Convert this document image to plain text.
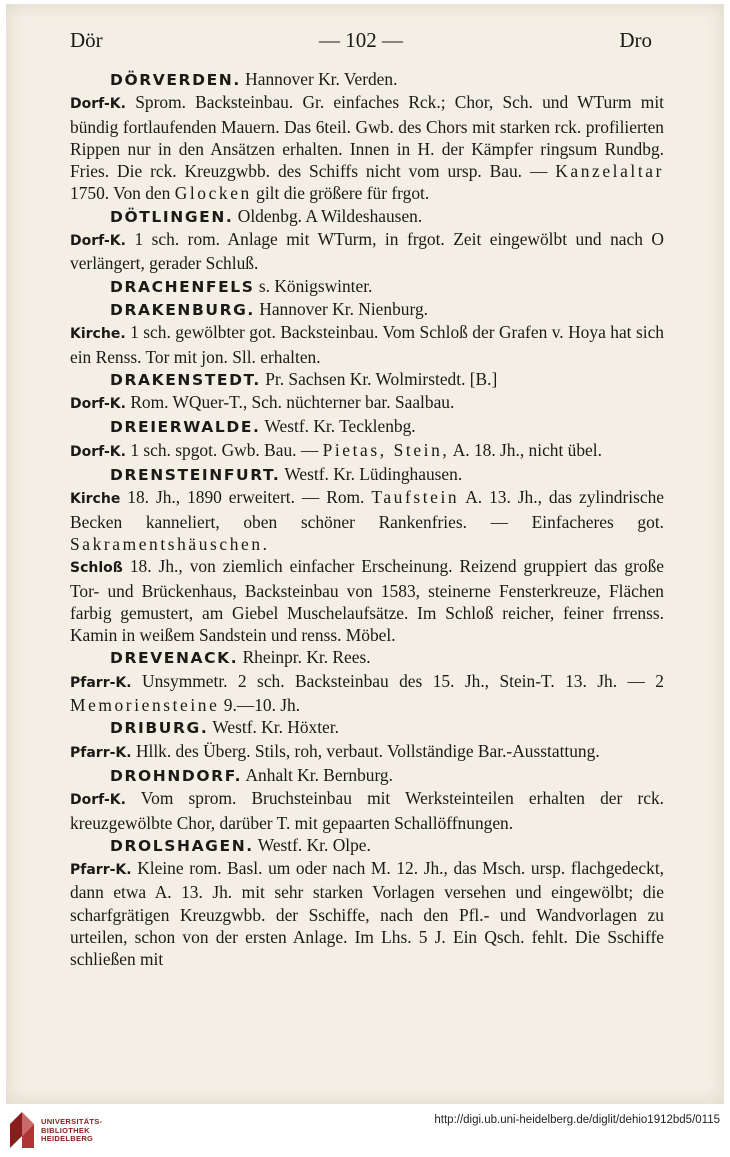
Dör	— 102 —	Dro

DÖRVERDEN. Hannover Kr. Verden.

Dorf-K. Sprom. Backsteinbau. Gr. einfaches Rck.; Chor, Sch. und WTurm mit bündig fortlaufenden Mauern. Das 6teil. Gwb. des Chors mit starken rck. profilierten Rippen nur in den Ansätzen erhalten. Innen in H. der Kämpfer ringsum Rundbg. Fries. Die rck. Kreuzgwbb. des Schiffs nicht vom ursp. Bau. — Kanzelaltar 1750. Von den Glocken gilt die größere für frgot.

DÖTLINGEN. Oldenbg. A Wildeshausen.

Dorf-K. 1 sch. rom. Anlage mit WTurm, in frgot. Zeit eingewölbt und nach O verlängert, gerader Schluß.

DRACHENFELS s. Königswinter.

DRAKENBURG. Hannover Kr. Nienburg.

Kirche. 1 sch. gewölbter got. Backsteinbau. Vom Schloß der Grafen v. Hoya hat sich ein Renss. Tor mit jon. Sll. erhalten.

DRAKENSTEDT. Pr. Sachsen Kr. Wolmirstedt. [B.]

Dorf-K. Rom. WQuer-T., Sch. nüchterner bar. Saalbau.

DREIERWALDE. Westf. Kr. Tecklenbg.

Dorf-K. 1 sch. spgot. Gwb. Bau. — Pietas, Stein, A. 18. Jh., nicht übel.

DRENSTEINFURT. Westf. Kr. Lüdinghausen.

Kirche 18. Jh., 1890 erweitert. — Rom. Taufstein A. 13. Jh., das zylindrische Becken kanneliert, oben schöner Rankenfries. — Einfacheres got. Sakramentshäuschen.

Schloß 18. Jh., von ziemlich einfacher Erscheinung. Reizend gruppiert das große Tor- und Brückenhaus, Backsteinbau von 1583, steinerne Fensterkreuze, Flächen farbig gemustert, am Giebel Muschelaufsätze. Im Schloß reicher, feiner frrenss. Kamin in weißem Sandstein und renss. Möbel.

DREVENACK. Rheinpr. Kr. Rees.

Pfarr-K. Unsymmetr. 2 sch. Backsteinbau des 15. Jh., Stein-T. 13. Jh. — 2 Memoriensteine 9.—10. Jh.

DRIBURG. Westf. Kr. Höxter.

Pfarr-K. Hllk. des Überg. Stils, roh, verbaut. Vollständige Bar.-Ausstattung.

DROHNDORF. Anhalt Kr. Bernburg.

Dorf-K. Vom sprom. Bruchsteinbau mit Werksteinteilen erhalten der rck. kreuzgewölbte Chor, darüber T. mit gepaarten Schallöffnungen.

DROLSHAGEN. Westf. Kr. Olpe.

Pfarr-K. Kleine rom. Basl. um oder nach M. 12. Jh., das Msch. ursp. flachgedeckt, dann etwa A. 13. Jh. mit sehr starken Vorlagen versehen und eingewölbt; die scharfgrätigen Kreuzgwbb. der Sschiffe, nach den Pfl.- und Wandvorlagen zu urteilen, schon von der ersten Anlage. Im Lhs. 5 J. Ein Qsch. fehlt. Die Sschiffe schließen mit

UNIVERSITÄTS-
BIBLIOTHEK
HEIDELBERG
http://digi.ub.uni-heidelberg.de/diglit/dehio1912bd5/0115
